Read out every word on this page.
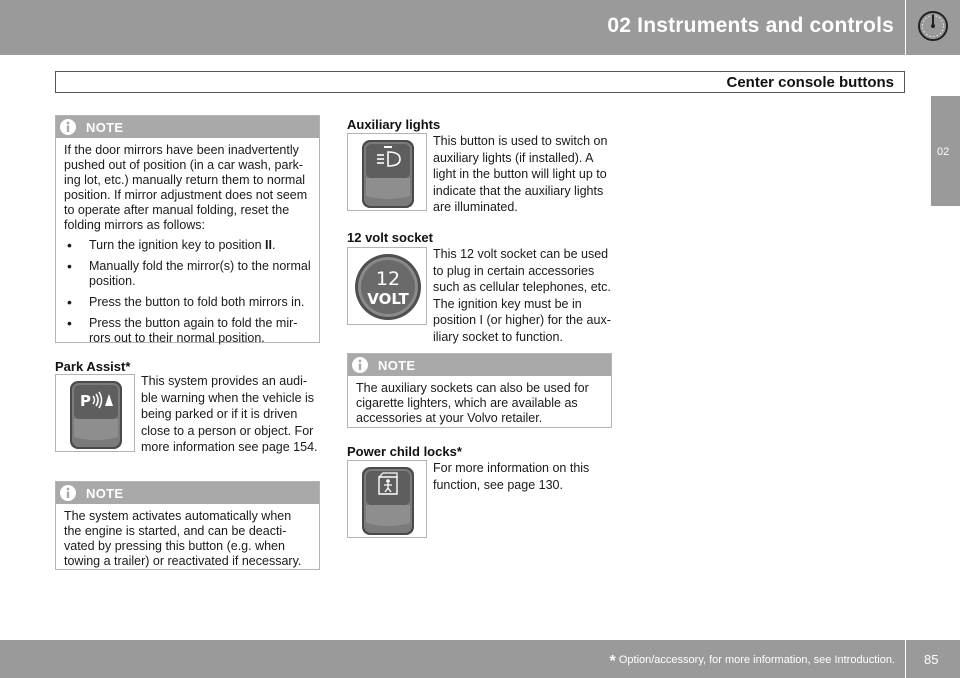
02 Instruments and controls
Center console buttons
02
NOTE

If the door mirrors have been inadvertently pushed out of position (in a car wash, park-ing lot, etc.) manually return them to normal position. If mirror adjustment does not seem to operate after manual folding, reset the folding mirrors as follows:

• Turn the ignition key to position II.
• Manually fold the mirror(s) to the normal position.
• Press the button to fold both mirrors in.
• Press the button again to fold the mir-rors out to their normal position.
Park Assist*
P
This system provides an audi-ble warning when the vehicle is being parked or if it is driven close to a person or object. For more information see page 154.
NOTE
The system activates automatically when the engine is started, and can be deacti-vated by pressing this button (e.g. when towing a trailer) or reactivated if necessary.
Auxiliary lights
This button is used to switch on auxiliary lights (if installed). A light in the button will light up to indicate that the auxiliary lights are illuminated.
12 volt socket
12
VOLT
This 12 volt socket can be used to plug in certain accessories such as cellular telephones, etc. The ignition key must be in position I (or higher) for the aux-iliary socket to function.
NOTE
The auxiliary sockets can also be used for cigarette lighters, which are available as accessories at your Volvo retailer.
Power child locks*
For more information on this function, see page 130.
* Option/accessory, for more information, see Introduction. 85
